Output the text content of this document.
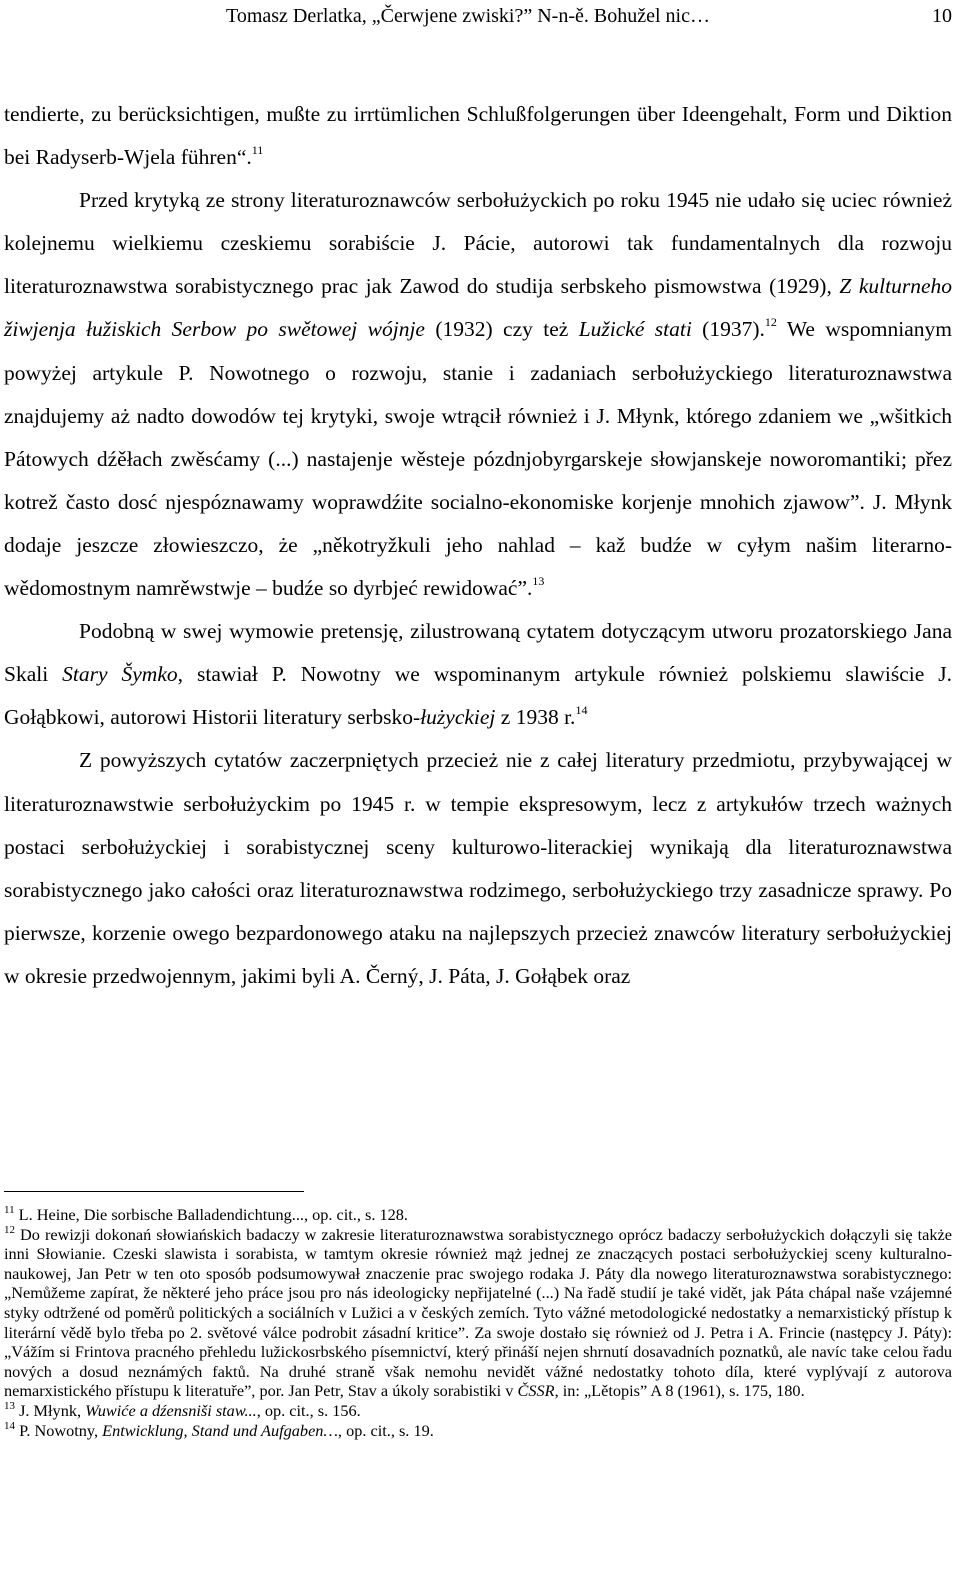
Tomasz Derlatka, „Čerwjene zwiski?” N-n-ě. Bohužel nic…	10

tendierte, zu berücksichtigen, mußte zu irrtümlichen Schlußfolgerungen über Ideengehalt, Form und Diktion bei Radyserb-Wjela führen“.$^{11}$

Przed krytyką ze strony literaturoznawców serbołużyckich po roku 1945 nie udało się uciec również kolejnemu wielkiemu czeskiemu sorabiście J. Pácie, autorowi tak fundamentalnych dla rozwoju literaturoznawstwa sorabistycznego prac jak Zawod do studija serbskeho pismowstwa (1929), Z kulturneho žiwjenja łužiskich Serbow po swětowej wójnje (1932) czy też Lužické stati (1937).$^{12}$ We wspomnianym powyżej artykule P. Nowotnego o rozwoju, stanie i zadaniach serbołużyckiego literaturoznawstwa znajdujemy aż nadto dowodów tej krytyki, swoje wtrącił również i J. Młynk, którego zdaniem we „wšitkich Pátowych dźěłach zwěsćamy (...) nastajenje wěsteje pózdnjobyrgarskeje słowjanskeje noworomantiki; přez kotrež často dosć njespóznawamy woprawdźite socialno-ekonomiske korjenje mnohich zjawow”. J. Młynk dodaje jeszcze złowieszczo, że „někotryžkuli jeho nahlad – kaž budźe w cyłym našim literarno-wědomostnym namrěwstwje – budźe so dyrbjeć rewidować”.$^{13}$

Podobną w swej wymowie pretensję, zilustrowaną cytatem dotyczącym utworu prozatorskiego Jana Skali Stary Šymko, stawiał P. Nowotny we wspominanym artykule również polskiemu slawiście J. Gołąbkowi, autorowi Historii literatury serbsko-łużyckiej z 1938 r.$^{14}$

Z powyższych cytatów zaczerpniętych przecież nie z całej literatury przedmiotu, przybywającej w literaturoznawstwie serbołużyckim po 1945 r. w tempie ekspresowym, lecz z artykułów trzech ważnych postaci serbołużyckiej i sorabistycznej sceny kulturowo-literackiej wynikają dla literaturoznawstwa sorabistycznego jako całości oraz literaturoznawstwa rodzimego, serbołużyckiego trzy zasadnicze sprawy. Po pierwsze, korzenie owego bezpardonowego ataku na najlepszych przecież znawców literatury serbołużyckiej w okresie przedwojennym, jakimi byli A. Černý, J. Páta, J. Gołąbek oraz

$^{11}$ L. Heine, Die sorbische Balladendichtung..., op. cit., s. 128.

$^{12}$ Do rewizji dokonań słowiańskich badaczy w zakresie literaturoznawstwa sorabistycznego oprócz badaczy serbołużyckich dołączyli się także inni Słowianie. Czeski slawista i sorabista, w tamtym okresie również mąż jednej ze znaczących postaci serbołużyckiej sceny kulturalno-naukowej, Jan Petr w ten oto sposób podsumowywał znaczenie prac swojego rodaka J. Páty dla nowego literaturoznawstwa sorabistycznego: „Nemůžeme zapírat, že některé jeho práce jsou pro nás ideologicky nepřijatelné (...) Na řadě studií je také vidět, jak Páta chápal naše vzájemné styky odtržené od poměrů politických a sociálních v Lužici a v českých zemích. Tyto vážné metodologické nedostatky a nemarxistický přístup k literární vědě bylo třeba po 2. světové válce podrobit zásadní kritice”. Za swoje dostało się również od J. Petra i A. Frincie (następcy J. Páty): „Vážím si Frintova pracného přehledu lužickosrbského písemnictví, který přináší nejen shrnutí dosavadních poznatků, ale navíc take celou řadu nových a dosud neznámých faktů. Na druhé straně však nemohu nevidět vážné nedostatky tohoto díla, které vyplývají z autorova nemarxistického přístupu k literatuře”, por. Jan Petr, Stav a úkoly sorabistiki v ČSSR, in: „Lětopis” A 8 (1961), s. 175, 180.

$^{13}$ J. Młynk, Wuwiće a dźensniši staw..., op. cit., s. 156.

$^{14}$ P. Nowotny, Entwicklung, Stand und Aufgaben…, op. cit., s. 19.
